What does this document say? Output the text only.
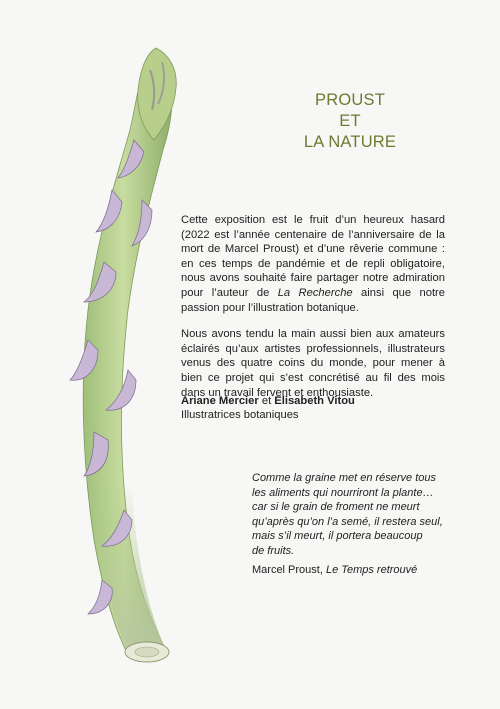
PROUST
ET
LA NATURE

Cette exposition est le fruit d’un heureux hasard (2022 est l’année centenaire de l’anniversaire de la mort de Marcel Proust) et d’une rêverie commune : en ces temps de pandémie et de repli obligatoire, nous avons souhaité faire partager notre admiration pour l’auteur de La Recherche ainsi que notre passion pour l’illustration botanique.

Nous avons tendu la main aussi bien aux amateurs éclairés qu’aux artistes professionnels, illustrateurs venus des quatre coins du monde, pour mener à bien ce projet qui s’est concrétisé au fil des mois dans un travail fervent et enthousiaste.

Ariane Mercier et Elisabeth Vitou
Illustratrices botaniques
Comme la graine met en réserve tous
les aliments qui nourriront la plante…
car si le grain de froment ne meurt
qu’après qu’on l’a semé, il restera seul,
mais s’il meurt, il portera beaucoup
de fruits.
Marcel Proust, Le Temps retrouvé
